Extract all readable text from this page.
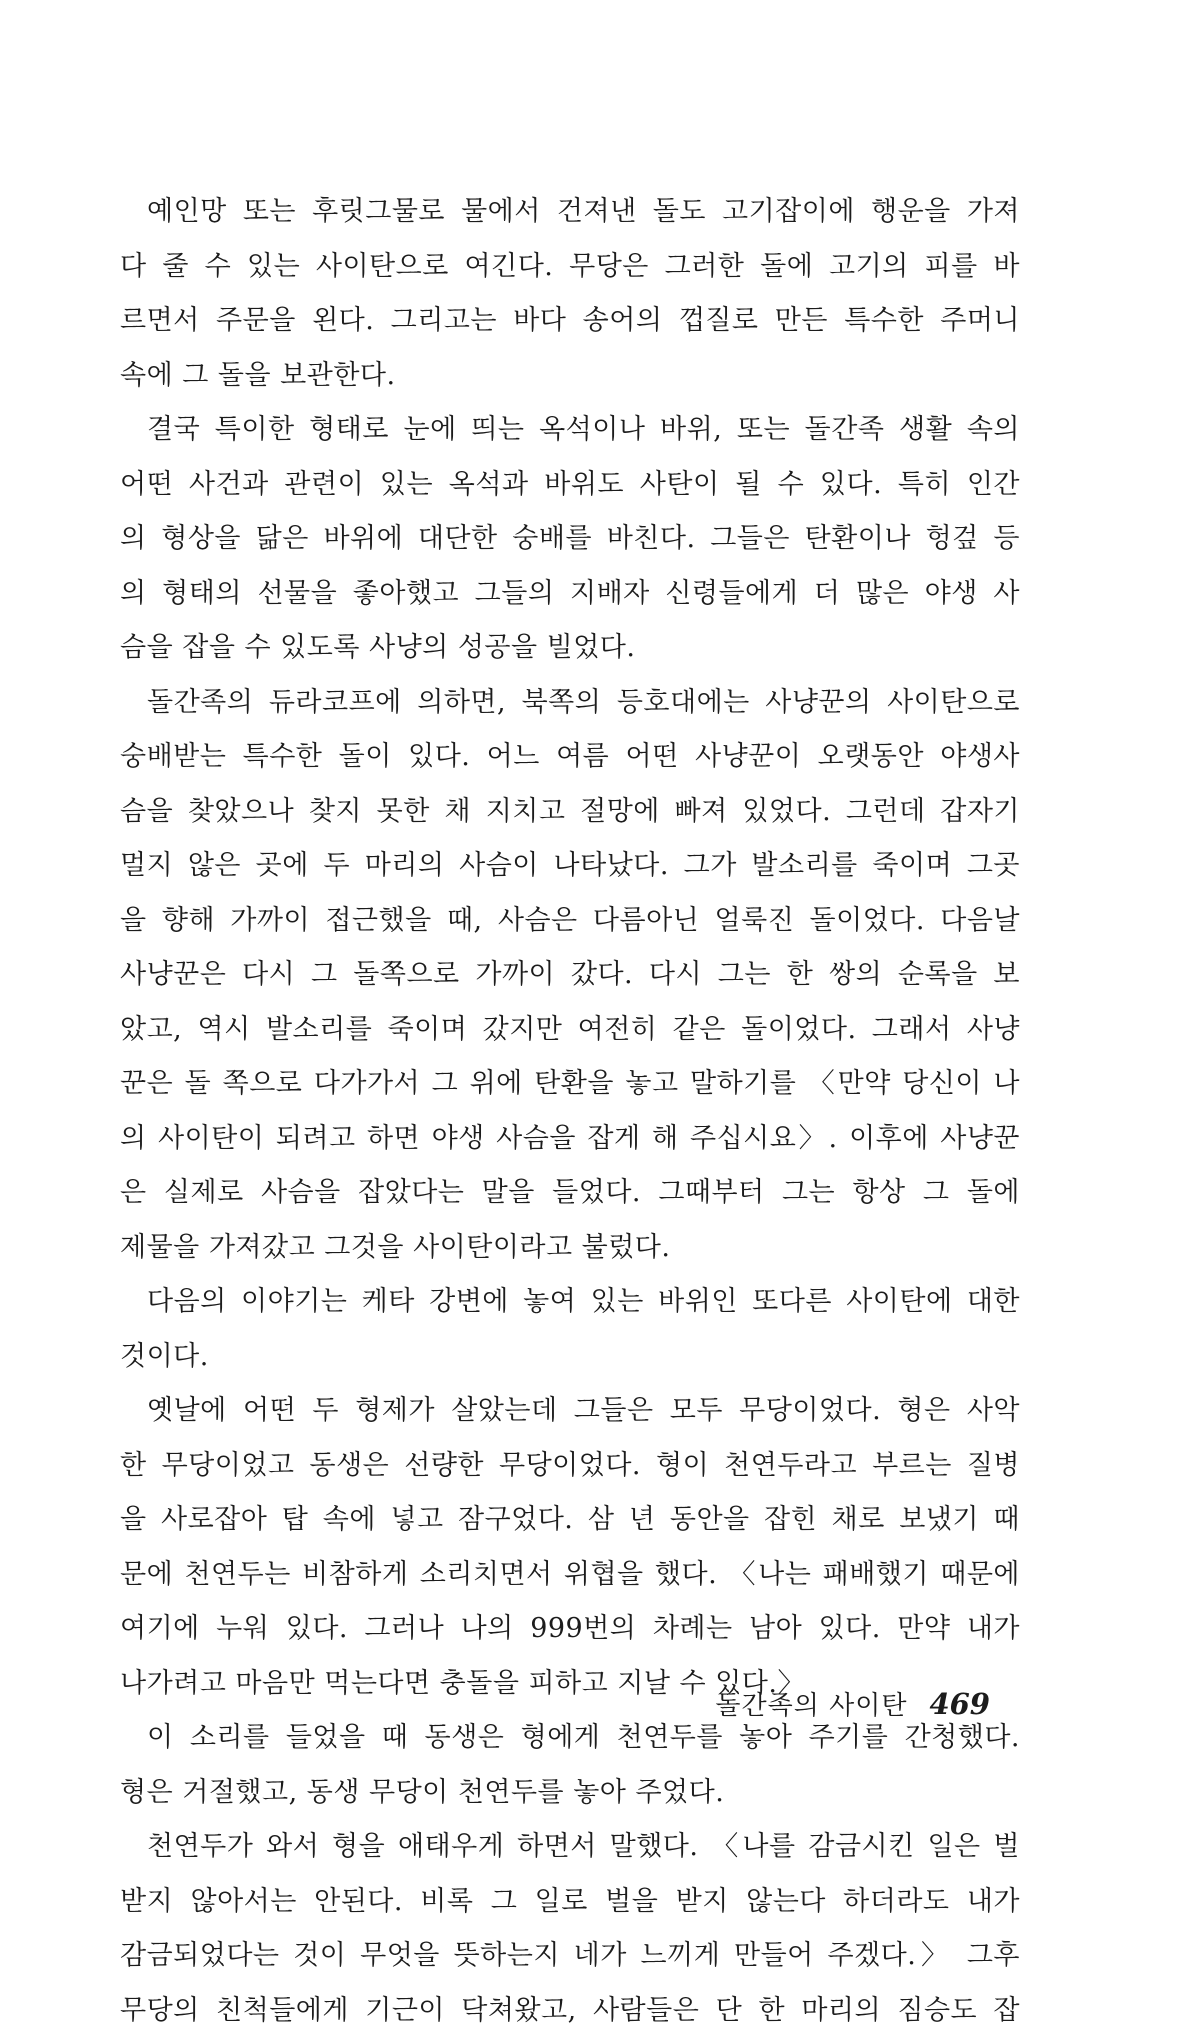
예인망 또는 후릿그물로 물에서 건져낸 돌도 고기잡이에 행운을 가져
다 줄 수 있는 사이탄으로 여긴다. 무당은 그러한 돌에 고기의 피를 바
르면서 주문을 왼다. 그리고는 바다 송어의 껍질로 만든 특수한 주머니
속에 그 돌을 보관한다.
결국 특이한 형태로 눈에 띄는 옥석이나 바위, 또는 돌간족 생활 속의
어떤 사건과 관련이 있는 옥석과 바위도 사탄이 될 수 있다. 특히 인간
의 형상을 닮은 바위에 대단한 숭배를 바친다. 그들은 탄환이나 헝겊 등
의 형태의 선물을 좋아했고 그들의 지배자 신령들에게 더 많은 야생 사
슴을 잡을 수 있도록 사냥의 성공을 빌었다.
돌간족의 듀라코프에 의하면, 북쪽의 등호대에는 사냥꾼의 사이탄으로
숭배받는 특수한 돌이 있다. 어느 여름 어떤 사냥꾼이 오랫동안 야생사
슴을 찾았으나 찾지 못한 채 지치고 절망에 빠져 있었다. 그런데 갑자기
멀지 않은 곳에 두 마리의 사슴이 나타났다. 그가 발소리를 죽이며 그곳
을 향해 가까이 접근했을 때, 사슴은 다름아닌 얼룩진 돌이었다. 다음날
사냥꾼은 다시 그 돌쪽으로 가까이 갔다. 다시 그는 한 쌍의 순록을 보
았고, 역시 발소리를 죽이며 갔지만 여전히 같은 돌이었다. 그래서 사냥
꾼은 돌 쪽으로 다가가서 그 위에 탄환을 놓고 말하기를 〈만약 당신이 나
의 사이탄이 되려고 하면 야생 사슴을 잡게 해 주십시요〉. 이후에 사냥꾼
은 실제로 사슴을 잡았다는 말을 들었다. 그때부터 그는 항상 그 돌에
제물을 가져갔고 그것을 사이탄이라고 불렀다.
다음의 이야기는 케타 강변에 놓여 있는 바위인 또다른 사이탄에 대한
것이다.
옛날에 어떤 두 형제가 살았는데 그들은 모두 무당이었다. 형은 사악
한 무당이었고 동생은 선량한 무당이었다. 형이 천연두라고 부르는 질병
을 사로잡아 탑 속에 넣고 잠구었다. 삼 년 동안을 잡힌 채로 보냈기 때
문에 천연두는 비참하게 소리치면서 위협을 했다. 〈나는 패배했기 때문에
여기에 누워 있다. 그러나 나의 999번의 차례는 남아 있다. 만약 내가
나가려고 마음만 먹는다면 충돌을 피하고 지날 수 있다.〉
이 소리를 들었을 때 동생은 형에게 천연두를 놓아 주기를 간청했다.
형은 거절했고, 동생 무당이 천연두를 놓아 주었다.
천연두가 와서 형을 애태우게 하면서 말했다. 〈나를 감금시킨 일은 벌
받지 않아서는 안된다. 비록 그 일로 벌을 받지 않는다 하더라도 내가
감금되었다는 것이 무엇을 뜻하는지 네가 느끼게 만들어 주겠다.〉 그후
무당의 친척들에게 기근이 닥쳐왔고, 사람들은 단 한 마리의 짐승도 잡
돌간족의 사이탄 469
